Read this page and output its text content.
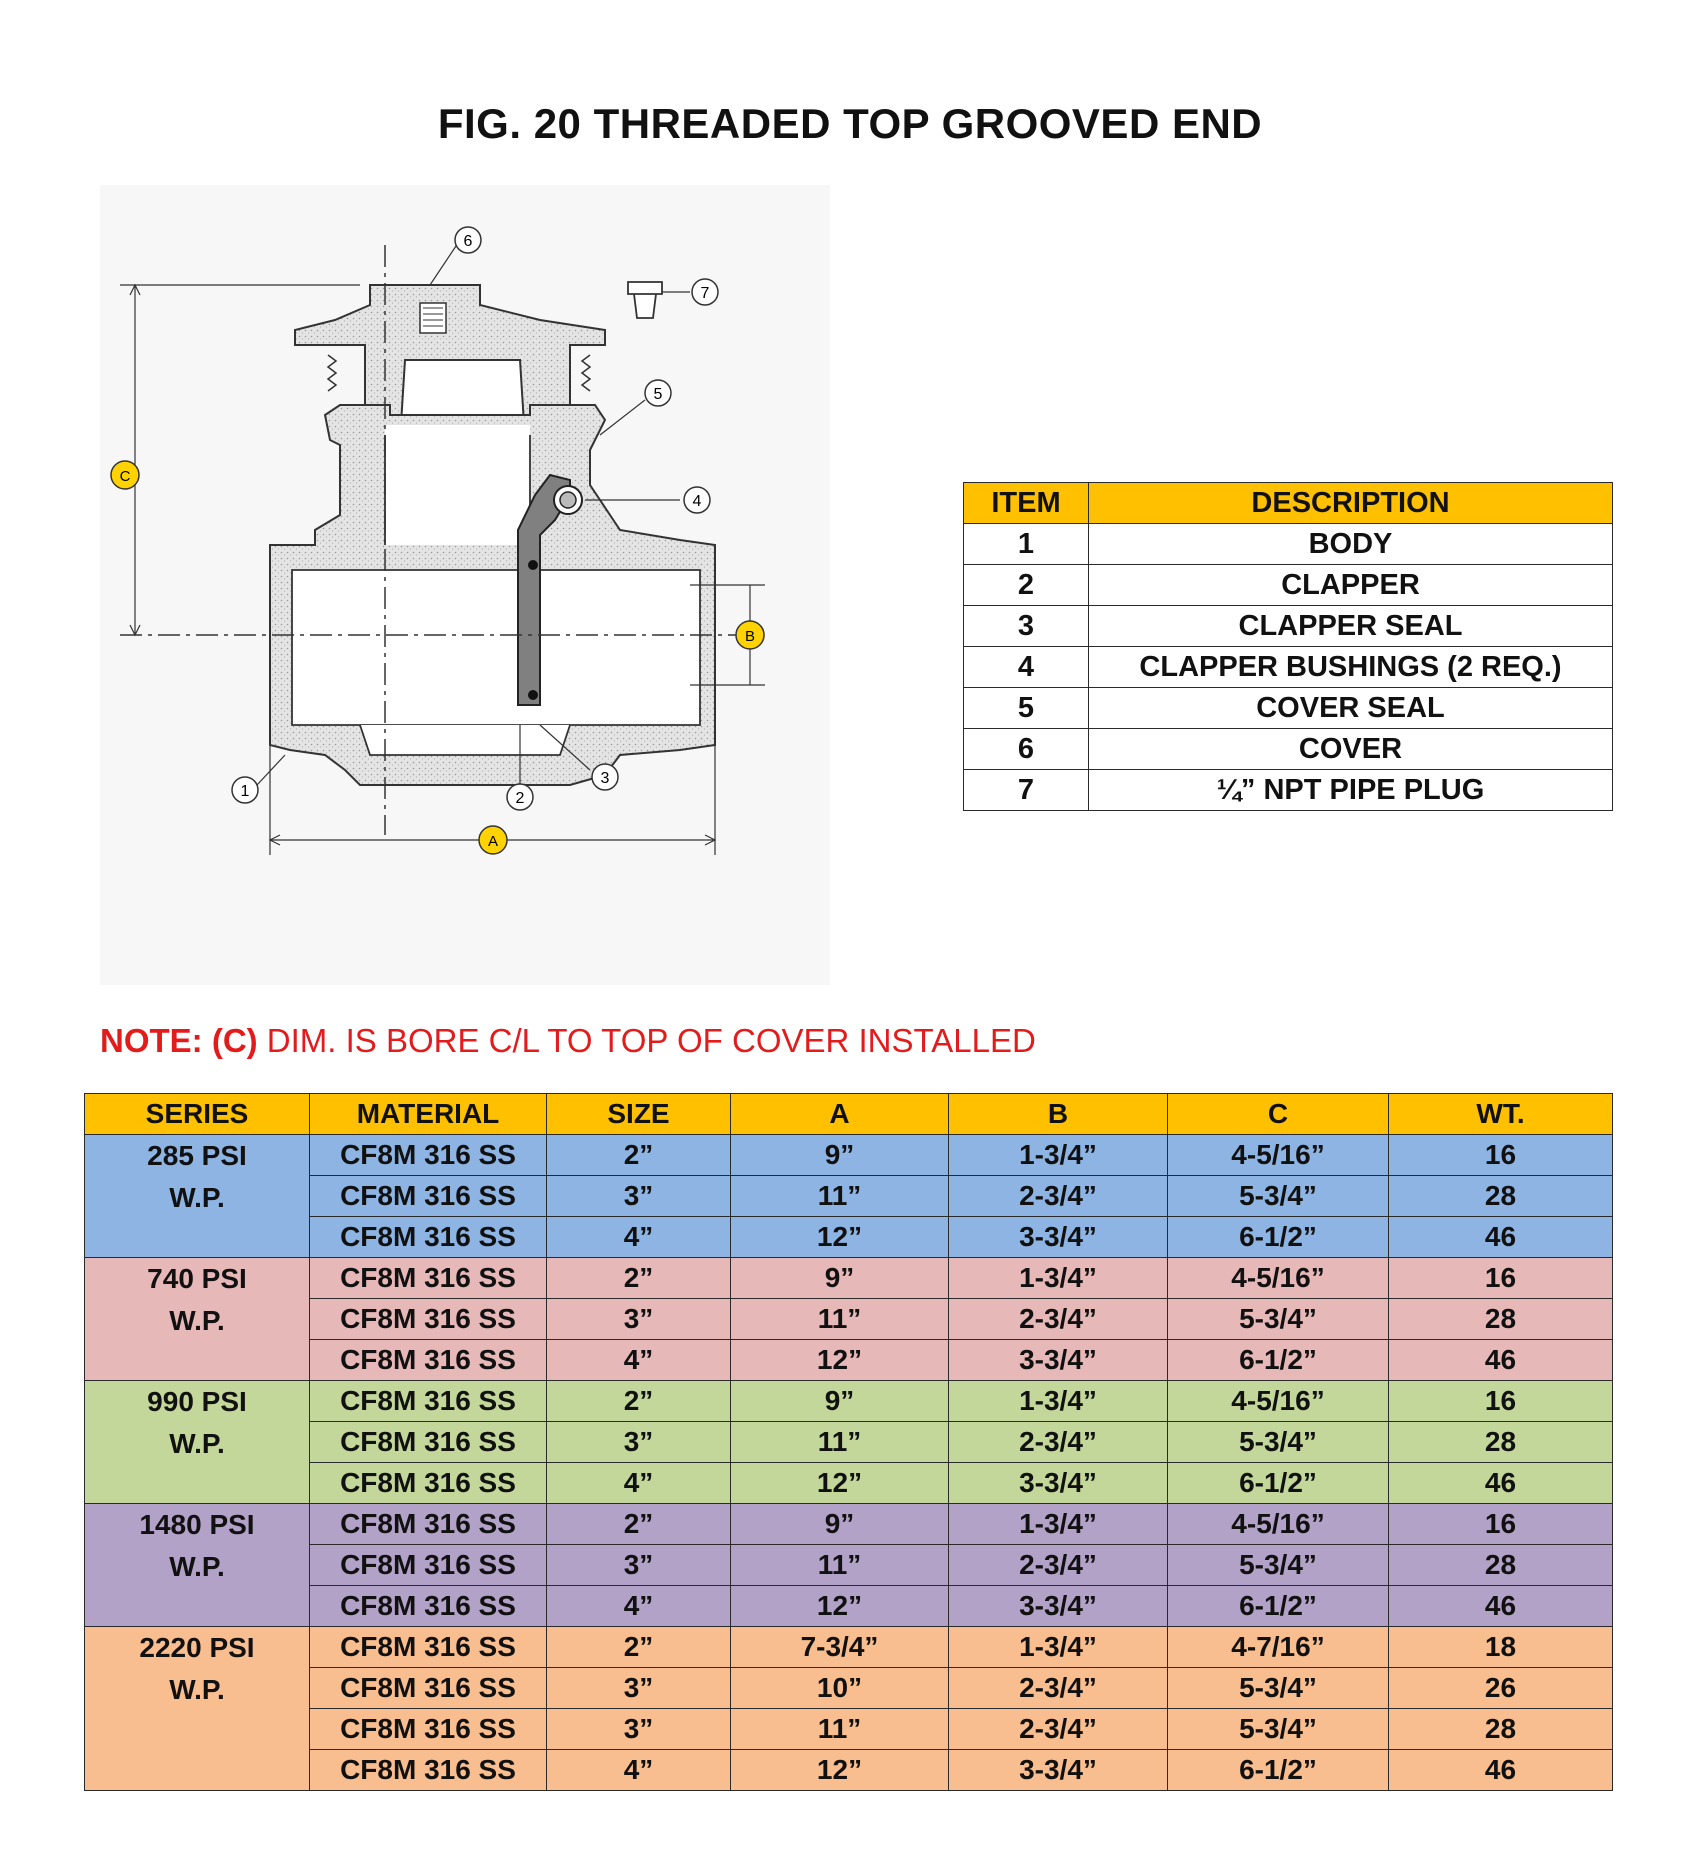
FIG. 20 THREADED TOP GROOVED END
6
7
5
4
3
2
1
C
B
A
ITEM	DESCRIPTION
1	BODY
2	CLAPPER
3	CLAPPER SEAL
4	CLAPPER BUSHINGS (2 REQ.)
5	COVER SEAL
6	COVER
7	¼” NPT PIPE PLUG
NOTE: (C) DIM. IS BORE C/L TO TOP OF COVER INSTALLED
SERIES	MATERIAL	SIZE	A	B	C	WT.

285 PSI
W.P.	CF8M 316 SS	2”	9”	1-3/4”	4-5/16”	16
	CF8M 316 SS	3”	11”	2-3/4”	5-3/4”	28
	CF8M 316 SS	4”	12”	3-3/4”	6-1/2”	46

740 PSI
W.P.	CF8M 316 SS	2”	9”	1-3/4”	4-5/16”	16
	CF8M 316 SS	3”	11”	2-3/4”	5-3/4”	28
	CF8M 316 SS	4”	12”	3-3/4”	6-1/2”	46

990 PSI
W.P.	CF8M 316 SS	2”	9”	1-3/4”	4-5/16”	16
	CF8M 316 SS	3”	11”	2-3/4”	5-3/4”	28
	CF8M 316 SS	4”	12”	3-3/4”	6-1/2”	46

1480 PSI
W.P.	CF8M 316 SS	2”	9”	1-3/4”	4-5/16”	16
	CF8M 316 SS	3”	11”	2-3/4”	5-3/4”	28
	CF8M 316 SS	4”	12”	3-3/4”	6-1/2”	46

2220 PSI
W.P.	CF8M 316 SS	2”	7-3/4”	1-3/4”	4-7/16”	18
	CF8M 316 SS	3”	10”	2-3/4”	5-3/4”	26
	CF8M 316 SS	3”	11”	2-3/4”	5-3/4”	28
	CF8M 316 SS	4”	12”	3-3/4”	6-1/2”	46
